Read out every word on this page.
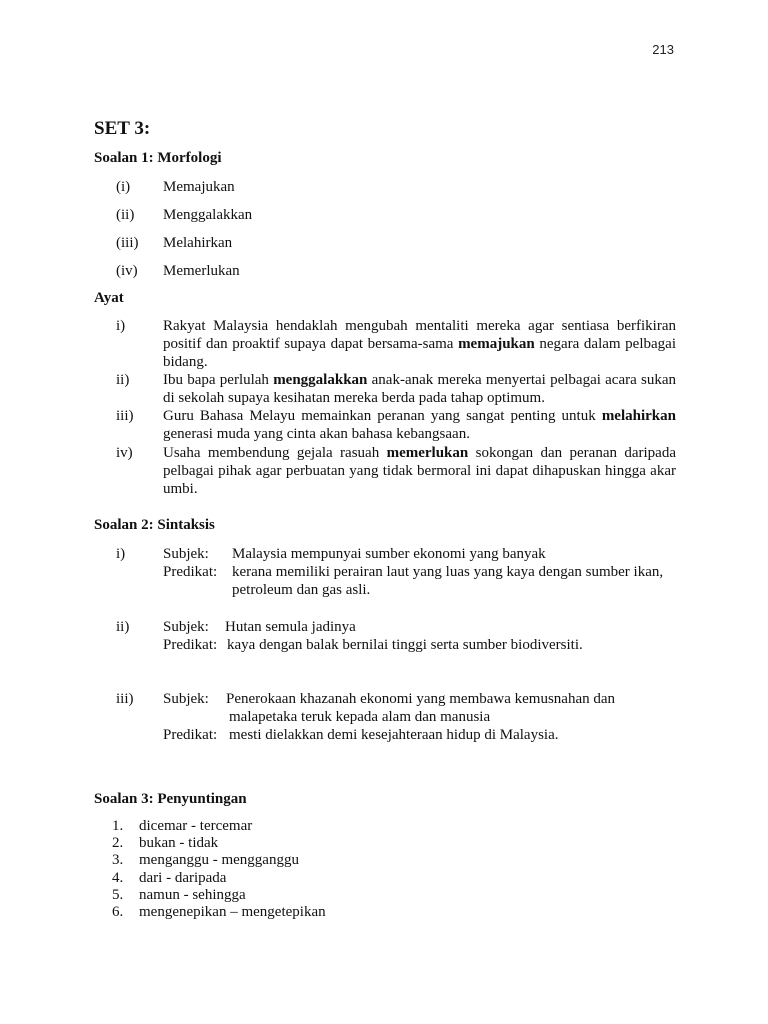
213
SET 3:
Soalan 1: Morfologi
(i) Memajukan
(ii) Menggalakkan
(iii) Melahirkan
(iv) Memerlukan
Ayat
i)	Rakyat Malaysia hendaklah mengubah mentaliti mereka agar sentiasa berfikiran positif dan proaktif supaya dapat bersama-sama memajukan negara dalam pelbagai bidang.
ii) Ibu bapa perlulah menggalakkan anak-anak mereka menyertai pelbagai acara sukan di sekolah supaya kesihatan mereka berda pada tahap optimum.
iii) Guru Bahasa Melayu memainkan peranan yang sangat penting untuk melahirkan generasi muda yang cinta akan bahasa kebangsaan.
iv) Usaha membendung gejala rasuah memerlukan sokongan dan peranan daripada pelbagai pihak agar perbuatan yang tidak bermoral ini dapat dihapuskan hingga akar umbi.
Soalan 2: Sintaksis
i)	Subjek: Malaysia mempunyai sumber ekonomi yang banyak
Predikat: kerana memiliki perairan laut yang luas yang kaya dengan sumber ikan,
petroleum dan gas asli.
ii) Subjek: Hutan semula jadinya
Predikat: kaya dengan balak bernilai tinggi serta sumber biodiversiti.
iii) Subjek: Penerokaan khazanah ekonomi yang membawa kemusnahan dan
malapetaka teruk kepada alam dan manusia
Predikat: mesti dielakkan demi kesejahteraan hidup di Malaysia.
Soalan 3: Penyuntingan
1. dicemar - tercemar
2. bukan - tidak
3. menganggu - mengganggu
4. dari - daripada
5. namun - sehingga
6. mengenepikan – mengetepikan
